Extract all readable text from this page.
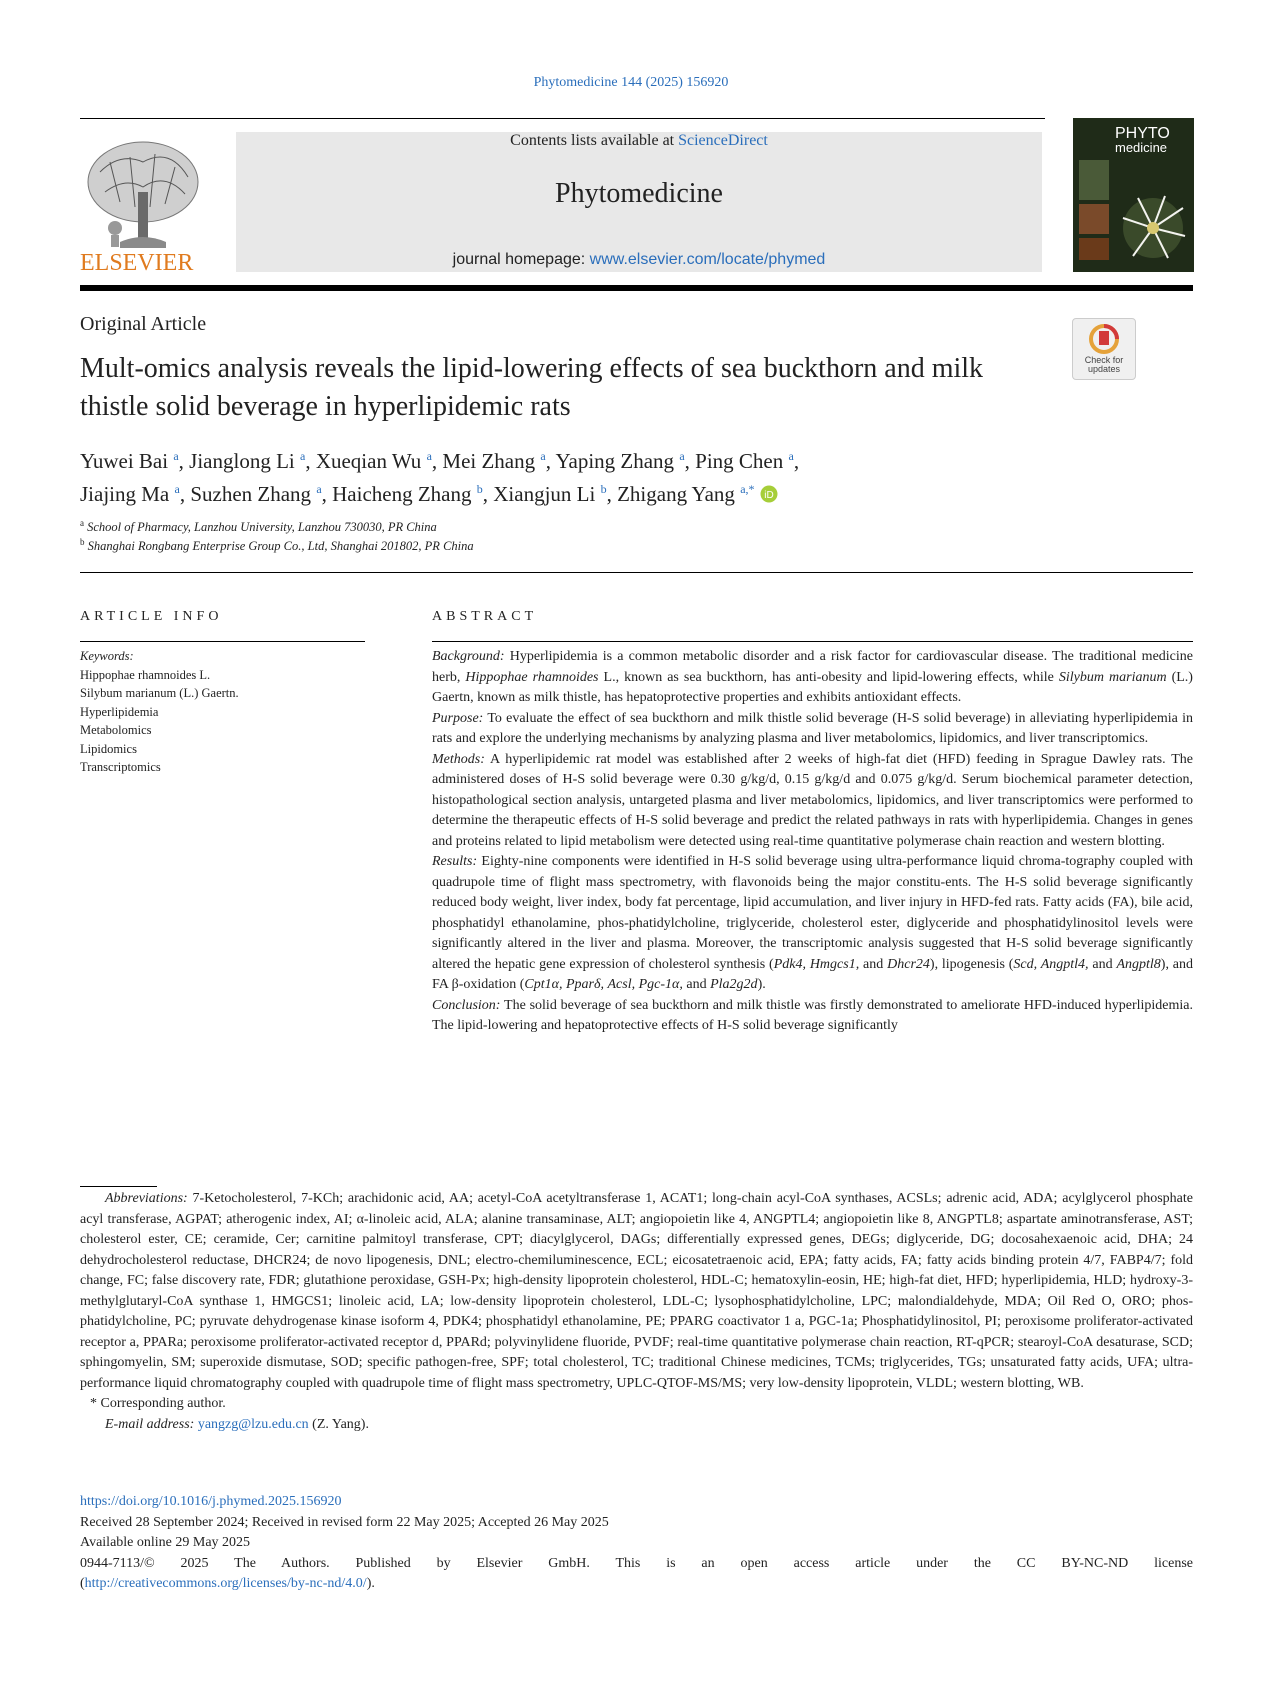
Phytomedicine 144 (2025) 156920
ELSEVIER
Contents lists available at ScienceDirect
Phytomedicine
journal homepage: www.elsevier.com/locate/phymed
PHYTO
medicine
Original Article
Check for
updates
Mult-omics analysis reveals the lipid-lowering effects of sea buckthorn and milk thistle solid beverage in hyperlipidemic rats
Yuwei Bai $^a$, Jianglong Li $^a$, Xueqian Wu $^a$, Mei Zhang $^a$, Yaping Zhang $^a$, Ping Chen $^a$,
Jiajing Ma $^a$, Suzhen Zhang $^a$, Haicheng Zhang $^b$, Xiangjun Li $^b$, Zhigang Yang $^{a,*}$ iD
$^a$ School of Pharmacy, Lanzhou University, Lanzhou 730030, PR China
$^b$ Shanghai Rongbang Enterprise Group Co., Ltd, Shanghai 201802, PR China
ARTICLE INFO
Keywords:
Hippophae rhamnoides L.
Silybum marianum (L.) Gaertn.
Hyperlipidemia
Metabolomics
Lipidomics
Transcriptomics
ABSTRACT

Background: Hyperlipidemia is a common metabolic disorder and a risk factor for cardiovascular disease. The traditional medicine herb, Hippophae rhamnoides L., known as sea buckthorn, has anti-obesity and lipid-lowering effects, while Silybum marianum (L.) Gaertn, known as milk thistle, has hepatoprotective properties and exhibits antioxidant effects.

Purpose: To evaluate the effect of sea buckthorn and milk thistle solid beverage (H-S solid beverage) in alleviating hyperlipidemia in rats and explore the underlying mechanisms by analyzing plasma and liver metabolomics, lipidomics, and liver transcriptomics.

Methods: A hyperlipidemic rat model was established after 2 weeks of high-fat diet (HFD) feeding in Sprague Dawley rats. The administered doses of H-S solid beverage were 0.30 g/kg/d, 0.15 g/kg/d and 0.075 g/kg/d. Serum biochemical parameter detection, histopathological section analysis, untargeted plasma and liver metabolomics, lipidomics, and liver transcriptomics were performed to determine the therapeutic effects of H-S solid beverage and predict the related pathways in rats with hyperlipidemia. Changes in genes and proteins related to lipid metabolism were detected using real-time quantitative polymerase chain reaction and western blotting.

Results: Eighty-nine components were identified in H-S solid beverage using ultra-performance liquid chroma-tography coupled with quadrupole time of flight mass spectrometry, with flavonoids being the major constitu-ents. The H-S solid beverage significantly reduced body weight, liver index, body fat percentage, lipid accumulation, and liver injury in HFD-fed rats. Fatty acids (FA), bile acid, phosphatidyl ethanolamine, phos-phatidylcholine, triglyceride, cholesterol ester, diglyceride and phosphatidylinositol levels were significantly altered in the liver and plasma. Moreover, the transcriptomic analysis suggested that H-S solid beverage significantly altered the hepatic gene expression of cholesterol synthesis (Pdk4, Hmgcs1, and Dhcr24), lipogenesis (Scd, Angptl4, and Angptl8), and FA β-oxidation (Cpt1α, Pparδ, Acsl, Pgc-1α, and Pla2g2d).

Conclusion: The solid beverage of sea buckthorn and milk thistle was firstly demonstrated to ameliorate HFD-induced hyperlipidemia. The lipid-lowering and hepatoprotective effects of H-S solid beverage significantly

Abbreviations: 7-Ketocholesterol, 7-KCh; arachidonic acid, AA; acetyl-CoA acetyltransferase 1, ACAT1; long-chain acyl-CoA synthases, ACSLs; adrenic acid, ADA; acylglycerol phosphate acyl transferase, AGPAT; atherogenic index, AI; α-linoleic acid, ALA; alanine transaminase, ALT; angiopoietin like 4, ANGPTL4; angiopoietin like 8, ANGPTL8; aspartate aminotransferase, AST; cholesterol ester, CE; ceramide, Cer; carnitine palmitoyl transferase, CPT; diacylglycerol, DAGs; differentially expressed genes, DEGs; diglyceride, DG; docosahexaenoic acid, DHA; 24 dehydrocholesterol reductase, DHCR24; de novo lipogenesis, DNL; electro-chemiluminescence, ECL; eicosatetraenoic acid, EPA; fatty acids, FA; fatty acids binding protein 4/7, FABP4/7; fold change, FC; false discovery rate, FDR; glutathione peroxidase, GSH-Px; high-density lipoprotein cholesterol, HDL-C; hematoxylin-eosin, HE; high-fat diet, HFD; hyperlipidemia, HLD; hydroxy-3-methylglutaryl-CoA synthase 1, HMGCS1; linoleic acid, LA; low-density lipoprotein cholesterol, LDL-C; lysophosphatidylcholine, LPC; malondialdehyde, MDA; Oil Red O, ORO; phos-phatidylcholine, PC; pyruvate dehydrogenase kinase isoform 4, PDK4; phosphatidyl ethanolamine, PE; PPARG coactivator 1 a, PGC-1a; Phosphatidylinositol, PI; peroxisome proliferator-activated receptor a, PPARa; peroxisome proliferator-activated receptor d, PPARd; polyvinylidene fluoride, PVDF; real-time quantitative polymerase chain reaction, RT-qPCR; stearoyl-CoA desaturase, SCD; sphingomyelin, SM; superoxide dismutase, SOD; specific pathogen-free, SPF; total cholesterol, TC; traditional Chinese medicines, TCMs; triglycerides, TGs; unsaturated fatty acids, UFA; ultra-performance liquid chromatography coupled with quadrupole time of flight mass spectrometry, UPLC-QTOF-MS/MS; very low-density lipoprotein, VLDL; western blotting, WB.

* Corresponding author.

E-mail address: yangzg@lzu.edu.cn (Z. Yang).

https://doi.org/10.1016/j.phymed.2025.156920
Received 28 September 2024; Received in revised form 22 May 2025; Accepted 26 May 2025
Available online 29 May 2025
0944-7113/© 2025 The Authors. Published by Elsevier GmbH. This is an open access article under the CC BY-NC-ND license
(http://creativecommons.org/licenses/by-nc-nd/4.0/).
